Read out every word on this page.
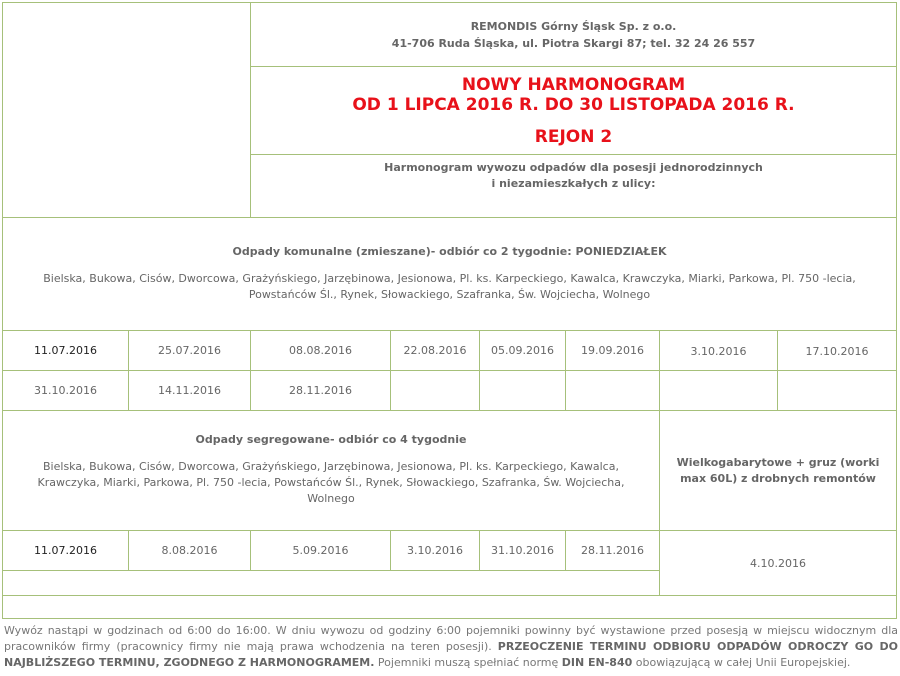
REMONDIS Górny Śląsk Sp. z o.o.
41-706 Ruda Śląska, ul. Piotra Skargi 87; tel. 32 24 26 557
NOWY HARMONOGRAM
OD 1 LIPCA 2016 R. DO 30 LISTOPADA 2016 R.
REJON 2
Harmonogram wywozu odpadów dla posesji jednorodzinnych
i niezamieszkałych z ulicy:
Odpady komunalne (zmieszane)- odbiór co 2 tygodnie: PONIEDZIAŁEK
Bielska, Bukowa, Cisów, Dworcowa, Grażyńskiego, Jarzębinowa, Jesionowa, Pl. ks. Karpeckiego, Kawalca, Krawczyka, Miarki, Parkowa, Pl. 750 -lecia,
Powstańców Śl., Rynek, Słowackiego, Szafranka, Św. Wojciecha, Wolnego
11.07.2016	25.07.2016	08.08.2016	22.08.2016 05.09.2016 19.09.2016	3.10.2016	17.10.2016
31.10.2016	14.11.2016	28.11.2016
Odpady segregowane- odbiór co 4 tygodnie
Bielska, Bukowa, Cisów, Dworcowa, Grażyńskiego, Jarzębinowa, Jesionowa, Pl. ks. Karpeckiego, Kawalca,
Krawczyka, Miarki, Parkowa, Pl. 750 -lecia, Powstańców Śl., Rynek, Słowackiego, Szafranka, Św. Wojciecha,
Wolnego
Wielkogabarytowe + gruz (worki
max 60L) z drobnych remontów
11.07.2016	8.08.2016	5.09.2016	3.10.2016	31.10.2016 28.11.2016
4.10.2016
Wywóz nastąpi w godzinach od 6:00 do 16:00. W dniu wywozu od godziny 6:00 pojemniki powinny być wystawione przed posesją w miejscu widocznym dla pracowników firmy (pracownicy firmy nie mają prawa wchodzenia na teren posesji). PRZEOCZENIE TERMINU ODBIORU ODPADÓW ODROCZY GO DO NAJBLIŻSZEGO TERMINU, ZGODNEGO Z HARMONOGRAMEM. Pojemniki muszą spełniać normę DIN EN-840 obowiązującą w całej Unii Europejskiej.
